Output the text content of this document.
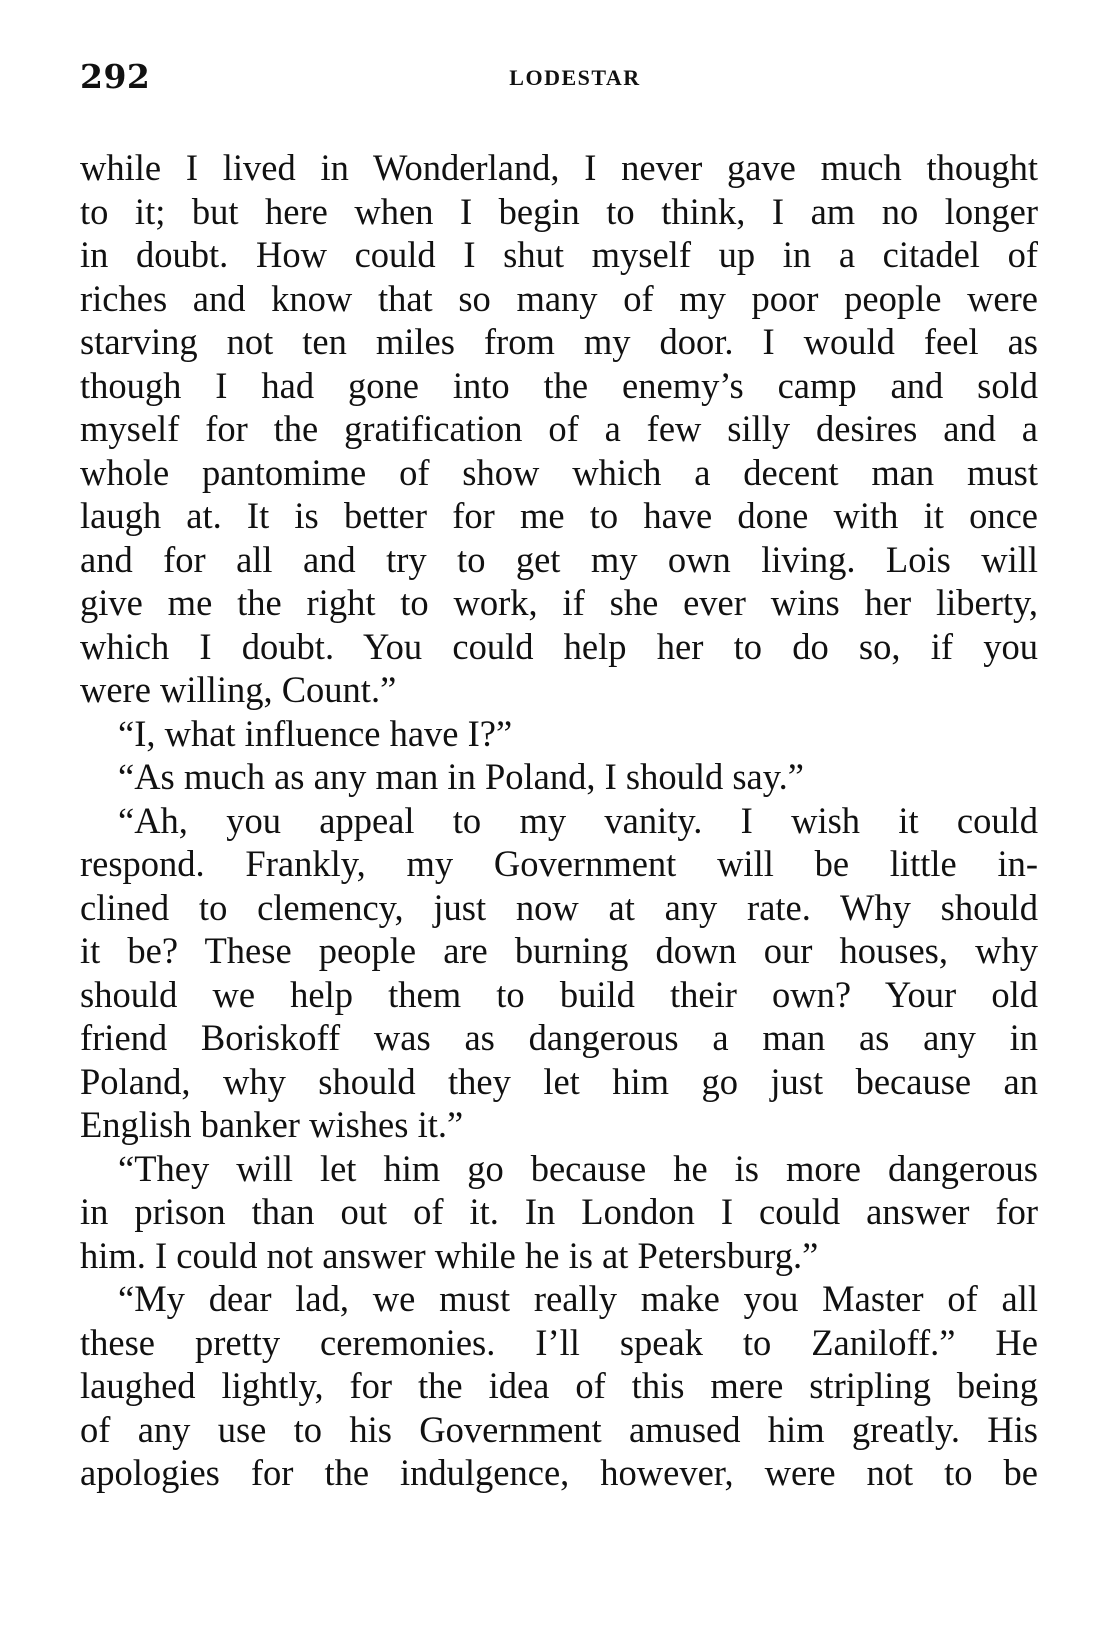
292	LODESTAR
while I lived in Wonderland, I never gave much thought
to it; but here when I begin to think, I am no longer
in doubt. How could I shut myself up in a citadel of
riches and know that so many of my poor people were
starving not ten miles from my door. I would feel as
though I had gone into the enemy’s camp and sold
myself for the gratification of a few silly desires and a
whole pantomime of show which a decent man must
laugh at. It is better for me to have done with it once
and for all and try to get my own living. Lois will
give me the right to work, if she ever wins her liberty,
which I doubt. You could help her to do so, if you
were willing, Count.”
“I, what influence have I?”
“As much as any man in Poland, I should say.”
“Ah, you appeal to my vanity. I wish it could
respond. Frankly, my Government will be little in-
clined to clemency, just now at any rate. Why should
it be? These people are burning down our houses, why
should we help them to build their own? Your old
friend Boriskoff was as dangerous a man as any in
Poland, why should they let him go just because an
English banker wishes it.”
“They will let him go because he is more dangerous
in prison than out of it. In London I could answer for
him. I could not answer while he is at Petersburg.”
“My dear lad, we must really make you Master of all
these pretty ceremonies. I’ll speak to Zaniloff.” He
laughed lightly, for the idea of this mere stripling being
of any use to his Government amused him greatly. His
apologies for the indulgence, however, were not to be
